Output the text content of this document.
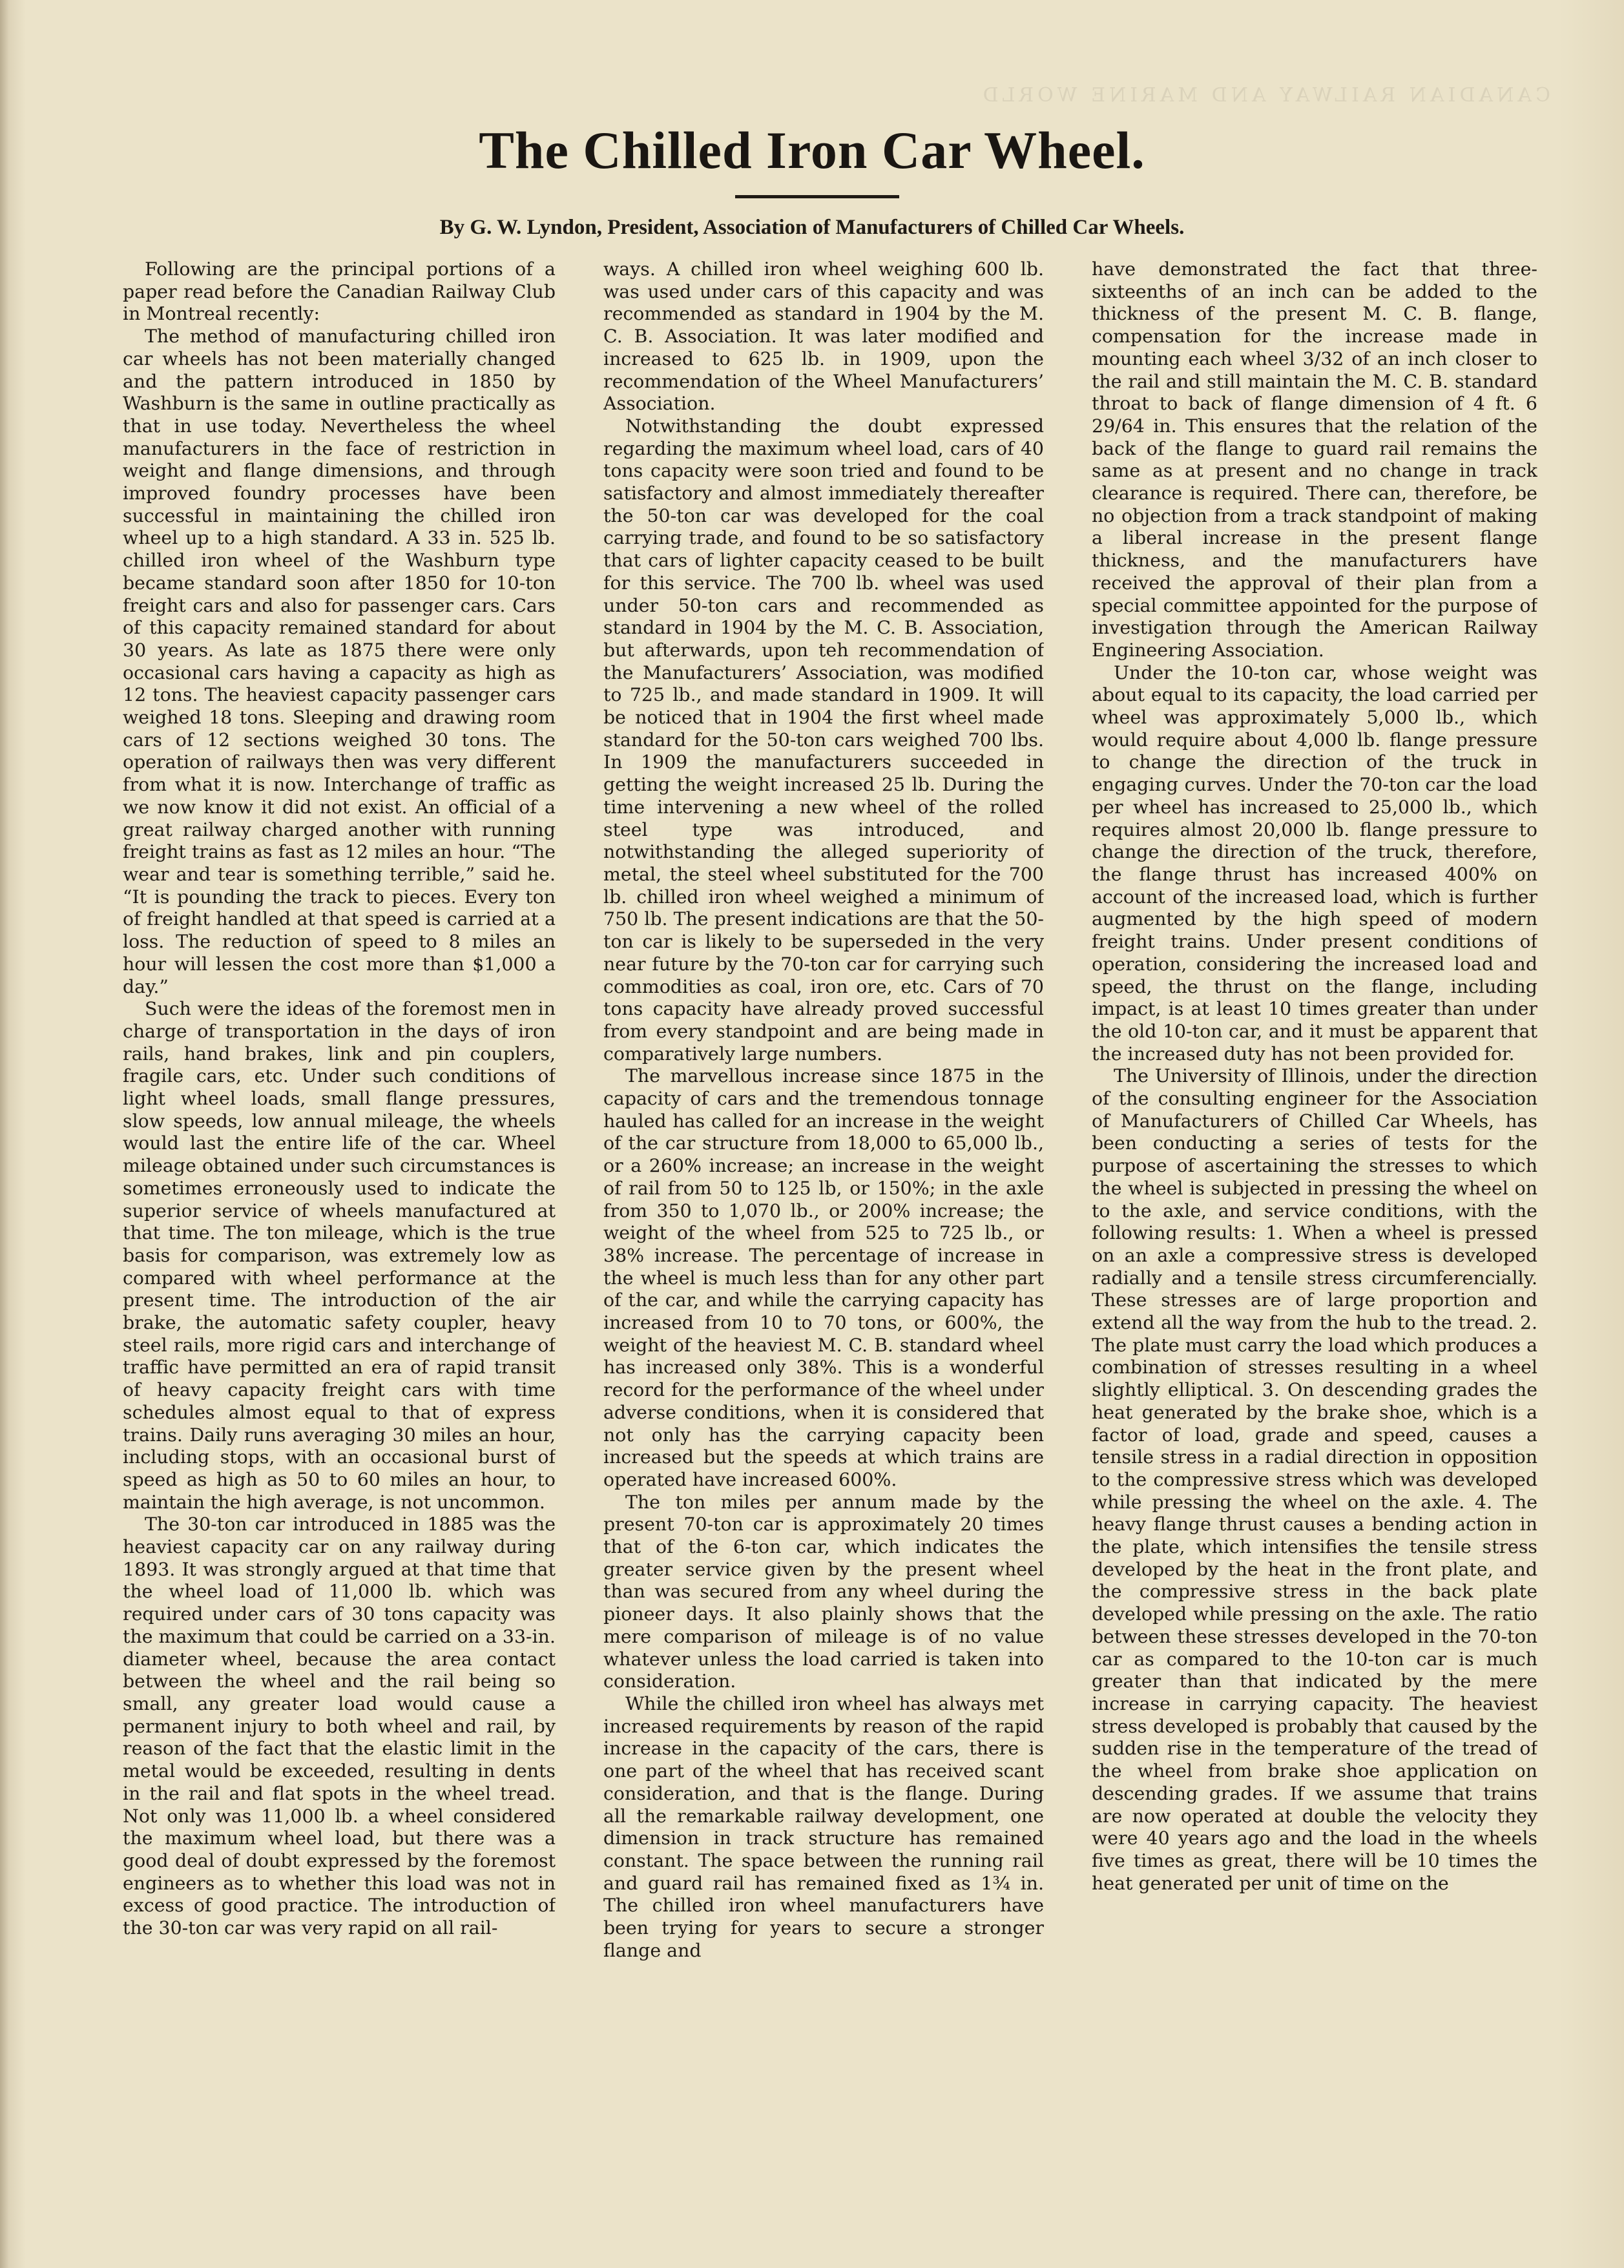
CANADIAN RAILWAY AND MARINE WORLD
The Chilled Iron Car Wheel.
By G. W. Lyndon, President, Association of Manufacturers of Chilled Car Wheels.

Following are the principal portions of a paper read before the Canadian Railway Club in Montreal recently:

The method of manufacturing chilled iron car wheels has not been materially changed and the pattern introduced in 1850 by Washburn is the same in outline practically as that in use today. Nevertheless the wheel manufacturers in the face of restriction in weight and flange dimensions, and through improved foundry processes have been successful in maintaining the chilled iron wheel up to a high standard. A 33 in. 525 lb. chilled iron wheel of the Washburn type became standard soon after 1850 for 10-ton freight cars and also for passenger cars. Cars of this capacity remained standard for about 30 years. As late as 1875 there were only occasional cars having a capacity as high as 12 tons. The heaviest capacity passenger cars weighed 18 tons. Sleeping and drawing room cars of 12 sections weighed 30 tons. The operation of railways then was very different from what it is now. Interchange of traffic as we now know it did not exist. An official of a great railway charged another with running freight trains as fast as 12 miles an hour. “The wear and tear is something terrible,” said he. “It is pounding the track to pieces. Every ton of freight handled at that speed is carried at a loss. The reduction of speed to 8 miles an hour will lessen the cost more than $1,000 a day.”

Such were the ideas of the foremost men in charge of transportation in the days of iron rails, hand brakes, link and pin couplers, fragile cars, etc. Under such conditions of light wheel loads, small flange pressures, slow speeds, low annual mileage, the wheels would last the entire life of the car. Wheel mileage obtained under such circumstances is sometimes erroneously used to indicate the superior service of wheels manufactured at that time. The ton mileage, which is the true basis for comparison, was extremely low as compared with wheel performance at the present time. The introduction of the air brake, the automatic safety coupler, heavy steel rails, more rigid cars and interchange of traffic have permitted an era of rapid transit of heavy capacity freight cars with time schedules almost equal to that of express trains. Daily runs averaging 30 miles an hour, including stops, with an occasional burst of speed as high as 50 to 60 miles an hour, to maintain the high average, is not uncommon.

The 30-ton car introduced in 1885 was the heaviest capacity car on any railway during 1893. It was strongly argued at that time that the wheel load of 11,000 lb. which was required under cars of 30 tons capacity was the maximum that could be carried on a 33-in. diameter wheel, because the area contact between the wheel and the rail being so small, any greater load would cause a permanent injury to both wheel and rail, by reason of the fact that the elastic limit in the metal would be exceeded, resulting in dents in the rail and flat spots in the wheel tread. Not only was 11,000 lb. a wheel considered the maximum wheel load, but there was a good deal of doubt expressed by the foremost engineers as to whether this load was not in excess of good practice. The introduction of the 30-ton car was very rapid on all rail-

ways. A chilled iron wheel weighing 600 lb. was used under cars of this capacity and was recommended as standard in 1904 by the M. C. B. Association. It was later modified and increased to 625 lb. in 1909, upon the recommendation of the Wheel Manufacturers’ Association.

Notwithstanding the doubt expressed regarding the maximum wheel load, cars of 40 tons capacity were soon tried and found to be satisfactory and almost immediately thereafter the 50-ton car was developed for the coal carrying trade, and found to be so satisfactory that cars of lighter capacity ceased to be built for this service. The 700 lb. wheel was used under 50-ton cars and recommended as standard in 1904 by the M. C. B. Association, but afterwards, upon teh recommendation of the Manufacturers’ Association, was modified to 725 lb., and made standard in 1909. It will be noticed that in 1904 the first wheel made standard for the 50-ton cars weighed 700 lbs. In 1909 the manufacturers succeeded in getting the weight increased 25 lb. During the time intervening a new wheel of the rolled steel type was introduced, and notwithstanding the alleged superiority of metal, the steel wheel substituted for the 700 lb. chilled iron wheel weighed a minimum of 750 lb. The present indications are that the 50-ton car is likely to be superseded in the very near future by the 70-ton car for carrying such commodities as coal, iron ore, etc. Cars of 70 tons capacity have already proved successful from every standpoint and are being made in comparatively large numbers.

The marvellous increase since 1875 in the capacity of cars and the tremendous tonnage hauled has called for an increase in the weight of the car structure from 18,000 to 65,000 lb., or a 260% increase; an increase in the weight of rail from 50 to 125 lb, or 150%; in the axle from 350 to 1,070 lb., or 200% increase; the weight of the wheel from 525 to 725 lb., or 38% increase. The percentage of increase in the wheel is much less than for any other part of the car, and while the carrying capacity has increased from 10 to 70 tons, or 600%, the weight of the heaviest M. C. B. standard wheel has increased only 38%. This is a wonderful record for the performance of the wheel under adverse conditions, when it is considered that not only has the carrying capacity been increased but the speeds at which trains are operated have increased 600%.

The ton miles per annum made by the present 70-ton car is approximately 20 times that of the 6-ton car, which indicates the greater service given by the present wheel than was secured from any wheel during the pioneer days. It also plainly shows that the mere comparison of mileage is of no value whatever unless the load carried is taken into consideration.

While the chilled iron wheel has always met increased requirements by reason of the rapid increase in the capacity of the cars, there is one part of the wheel that has received scant consideration, and that is the flange. During all the remarkable railway development, one dimension in track structure has remained constant. The space between the running rail and guard rail has remained fixed as 1¾ in. The chilled iron wheel manufacturers have been trying for years to secure a stronger flange and

have demonstrated the fact that three-sixteenths of an inch can be added to the thickness of the present M. C. B. flange, compensation for the increase made in mounting each wheel 3/32 of an inch closer to the rail and still maintain the M. C. B. standard throat to back of flange dimension of 4 ft. 6 29/64 in. This ensures that the relation of the back of the flange to guard rail remains the same as at present and no change in track clearance is required. There can, therefore, be no objection from a track standpoint of making a liberal increase in the present flange thickness, and the manufacturers have received the approval of their plan from a special committee appointed for the purpose of investigation through the American Railway Engineering Association.

Under the 10-ton car, whose weight was about equal to its capacity, the load carried per wheel was approximately 5,000 lb., which would require about 4,000 lb. flange pressure to change the direction of the truck in engaging curves. Under the 70-ton car the load per wheel has increased to 25,000 lb., which requires almost 20,000 lb. flange pressure to change the direction of the truck, therefore, the flange thrust has increased 400% on account of the increased load, which is further augmented by the high speed of modern freight trains. Under present conditions of operation, considering the increased load and speed, the thrust on the flange, including impact, is at least 10 times greater than under the old 10-ton car, and it must be apparent that the increased duty has not been provided for.

The University of Illinois, under the direction of the consulting engineer for the Association of Manufacturers of Chilled Car Wheels, has been conducting a series of tests for the purpose of ascertaining the stresses to which the wheel is subjected in pressing the wheel on to the axle, and service conditions, with the following results: 1. When a wheel is pressed on an axle a compressive stress is developed radially and a tensile stress circumferencially. These stresses are of large proportion and extend all the way from the hub to the tread. 2. The plate must carry the load which produces a combination of stresses resulting in a wheel slightly elliptical. 3. On descending grades the heat generated by the brake shoe, which is a factor of load, grade and speed, causes a tensile stress in a radial direction in opposition to the compressive stress which was developed while pressing the wheel on the axle. 4. The heavy flange thrust causes a bending action in the plate, which intensifies the tensile stress developed by the heat in the front plate, and the compressive stress in the back plate developed while pressing on the axle. The ratio between these stresses developed in the 70-ton car as compared to the 10-ton car is much greater than that indicated by the mere increase in carrying capacity. The heaviest stress developed is probably that caused by the sudden rise in the temperature of the tread of the wheel from brake shoe application on descending grades. If we assume that trains are now operated at double the velocity they were 40 years ago and the load in the wheels five times as great, there will be 10 times the heat generated per unit of time on the
